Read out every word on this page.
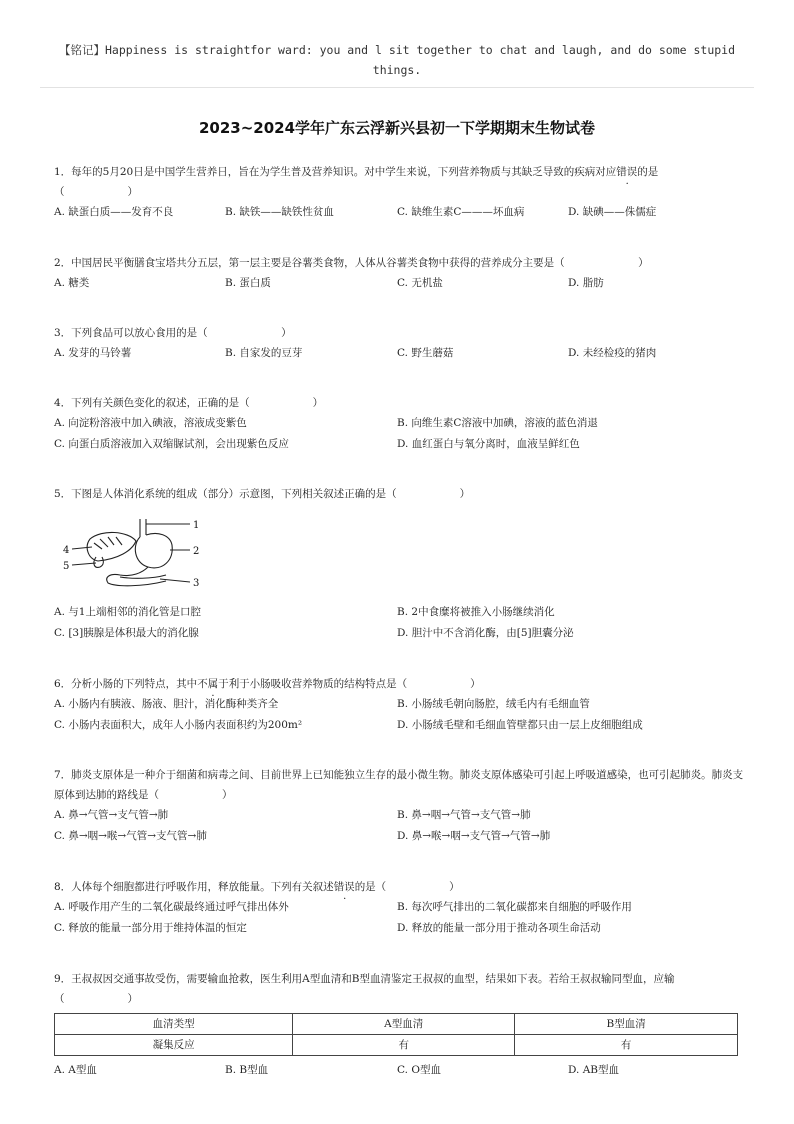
【铭记】Happiness is straightfor ward: you and l sit together to chat and laugh, and do some stupid things.
2023~2024学年广东云浮新兴县初一下学期期末生物试卷
1．每年的5月20日是中国学生营养日，旨在为学生普及营养知识。对中学生来说，下列营养物质与其缺乏导致的疾病对应错误的是
（　　　　　　）
A. 缺蛋白质——发育不良	B. 缺铁——缺铁性贫血	C. 缺维生素C———坏血病	D. 缺碘——侏儒症
2．中国居民平衡膳食宝塔共分五层，第一层主要是谷薯类食物，人体从谷薯类食物中获得的营养成分主要是（　　　　　　　）
A. 糖类	B. 蛋白质	C. 无机盐	D. 脂肪
3．下列食品可以放心食用的是（　　　　　　　）
A. 发芽的马铃薯	B. 自家发的豆芽	C. 野生蘑菇	D. 未经检疫的猪肉
4．下列有关颜色变化的叙述，正确的是（　　　　　　）
A. 向淀粉溶液中加入碘液，溶液成变紫色	B. 向维生素C溶液中加碘，溶液的蓝色消退
C. 向蛋白质溶液加入双缩脲试剂，会出现紫色反应	D. 血红蛋白与氧分离时，血液呈鲜红色
5．下图是人体消化系统的组成（部分）示意图，下列相关叙述正确的是（　　　　　　）
1
2
3
4
5
A. 与1上端相邻的消化管是口腔	B. 2中食糜将被推入小肠继续消化
C. [3]胰腺是体积最大的消化腺	D. 胆汁中不含消化酶，由[5]胆囊分泌
6．分析小肠的下列特点，其中不属于利于小肠吸收营养物质的结构特点是（　　　　　　）
A. 小肠内有胰液、肠液、胆汁，消化酶种类齐全	B. 小肠绒毛朝向肠腔，绒毛内有毛细血管
C. 小肠内表面积大，成年人小肠内表面积约为200m²	D. 小肠绒毛壁和毛细血管壁都只由一层上皮细胞组成
7．肺炎支原体是一种介于细菌和病毒之间、目前世界上已知能独立生存的最小微生物。肺炎支原体感染可引起上呼吸道感染，也可引起肺炎。肺炎支原体到达肺的路线是（　　　　　　）
A. 鼻→气管→支气管→肺	B. 鼻→咽→气管→支气管→肺
C. 鼻→咽→喉→气管→支气管→肺	D. 鼻→喉→咽→支气管→气管→肺
8．人体每个细胞都进行呼吸作用，释放能量。下列有关叙述错误的是（　　　　　　）
A. 呼吸作用产生的二氧化碳最终通过呼气排出体外	B. 每次呼气排出的二氧化碳都来自细胞的呼吸作用
C. 释放的能量一部分用于维持体温的恒定	D. 释放的能量一部分用于推动各项生命活动
9．王叔叔因交通事故受伤，需要输血抢救，医生利用A型血清和B型血清鉴定王叔叔的血型，结果如下表。若给王叔叔输同型血，应输（　　　　　　）
血清类型	A型血清	B型血清
凝集反应	有	有
A. A型血	B. B型血	C. O型血	D. AB型血
